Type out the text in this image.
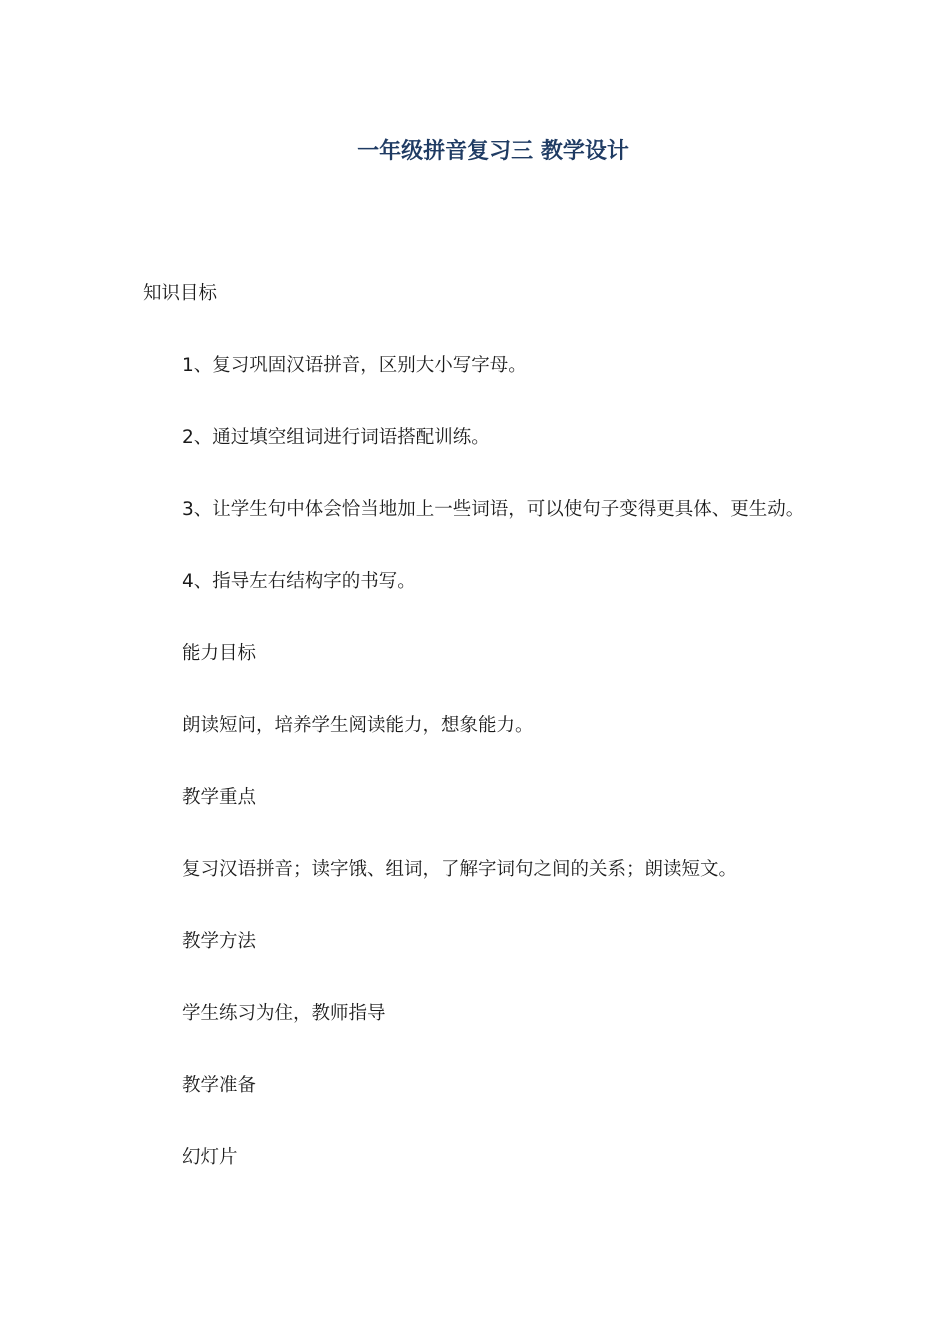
一年级拼音复习三 教学设计
知识目标
1、复习巩固汉语拼音，区别大小写字母。
2、通过填空组词进行词语搭配训练。
3、让学生句中体会恰当地加上一些词语，可以使句子变得更具体、更生动。
4、指导左右结构字的书写。
能力目标
朗读短问，培养学生阅读能力，想象能力。
教学重点
复习汉语拼音；读字饿、组词，了解字词句之间的关系；朗读短文。
教学方法
学生练习为住，教师指导
教学准备
幻灯片
